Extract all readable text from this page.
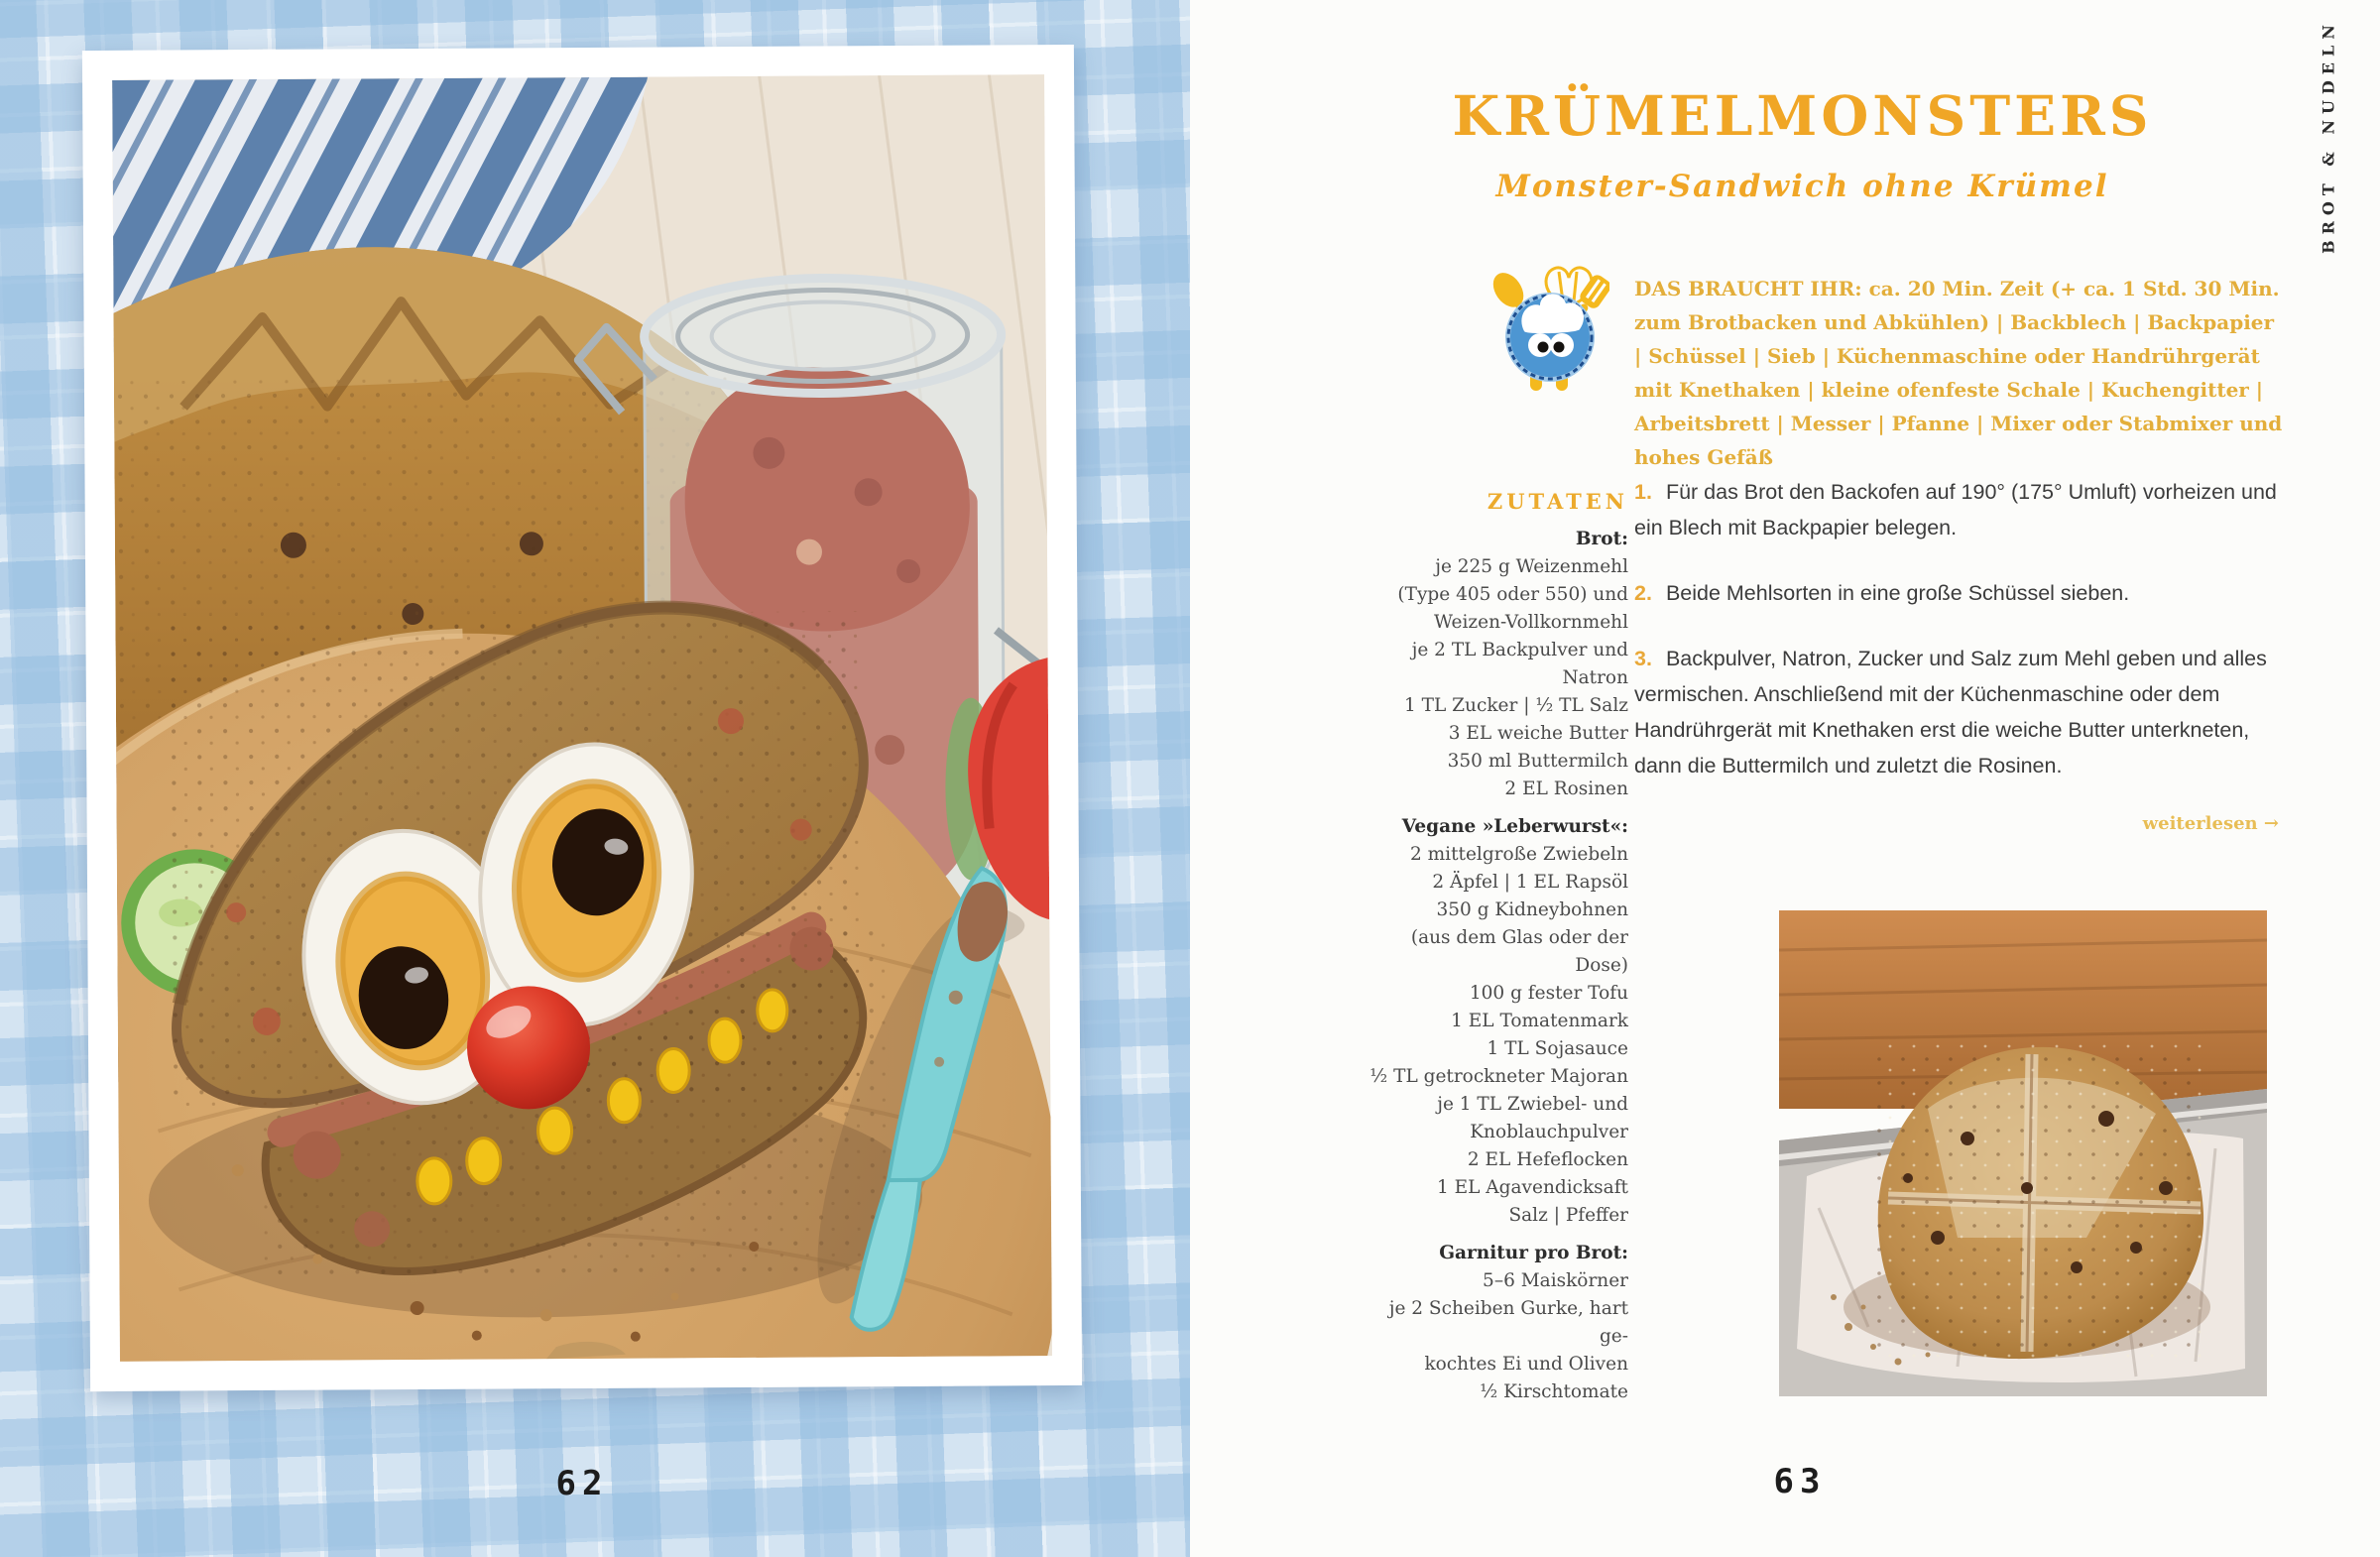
62
BROT & NUDELN
KRÜMELMONSTERS
Monster-Sandwich ohne Krümel
DAS BRAUCHT IHR: ca. 20 Min. Zeit (+ ca. 1 Std. 30 Min. zum Brotbacken und Abkühlen) | Backblech | Backpapier | Schüssel | Sieb | Küchenmaschine oder Handrührgerät mit Knethaken | kleine ofenfeste Schale | Kuchengitter | Arbeitsbrett | Messer | Pfanne | Mixer oder Stabmixer und hohes Gefäß
ZUTATEN
Brot:
je 225 g Weizenmehl
(Type 405 oder 550) und
Weizen-Vollkornmehl
je 2 TL Backpulver und
Natron
1 TL Zucker | ½ TL Salz
3 EL weiche Butter
350 ml Buttermilch
2 EL Rosinen
Vegane »Leberwurst«:
2 mittelgroße Zwiebeln
2 Äpfel | 1 EL Rapsöl
350 g Kidneybohnen
(aus dem Glas oder der Dose)
100 g fester Tofu
1 EL Tomatenmark
1 TL Sojasauce
½ TL getrockneter Majoran
je 1 TL Zwiebel- und
Knoblauchpulver
2 EL Hefeflocken
1 EL Agavendicksaft
Salz | Pfeffer
Garnitur pro Brot:
5–6 Maiskörner
je 2 Scheiben Gurke, hart ge-
kochtes Ei und Oliven
½ Kirschtomate

1. Für das Brot den Backofen auf 190° (175° Umluft) vorheizen und ein Blech mit Backpapier belegen.

2. Beide Mehlsorten in eine große Schüssel sieben.

3. Backpulver, Natron, Zucker und Salz zum Mehl geben und alles vermischen. Anschließend mit der Küchenmaschine oder dem Handrührgerät mit Knethaken erst die weiche Butter unterkneten, dann die Buttermilch und zuletzt die Rosinen.

weiterlesen →
63
